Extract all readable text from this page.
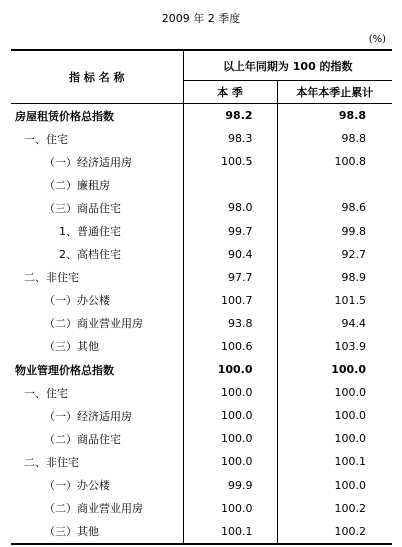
2009 年 2 季度
(%)
指 标 名 称	以上年同期为 100 的指数	
	本 季	本年本季止累计
房屋租赁价格总指数	98.2	98.8
一、住宅	98.3	98.8
（一）经济适用房	100.5	100.8
（二）廉租房		
（三）商品住宅	98.0	98.6
1、普通住宅	99.7	99.8
2、高档住宅	90.4	92.7
二、非住宅	97.7	98.9
（一）办公楼	100.7	101.5
（二）商业营业用房	93.8	94.4
（三）其他	100.6	103.9
物业管理价格总指数	100.0	100.0
一、住宅	100.0	100.0
（一）经济适用房	100.0	100.0
（二）商品住宅	100.0	100.0
二、非住宅	100.0	100.1
（一）办公楼	99.9	100.0
（二）商业营业用房	100.0	100.2
（三）其他	100.1	100.2
